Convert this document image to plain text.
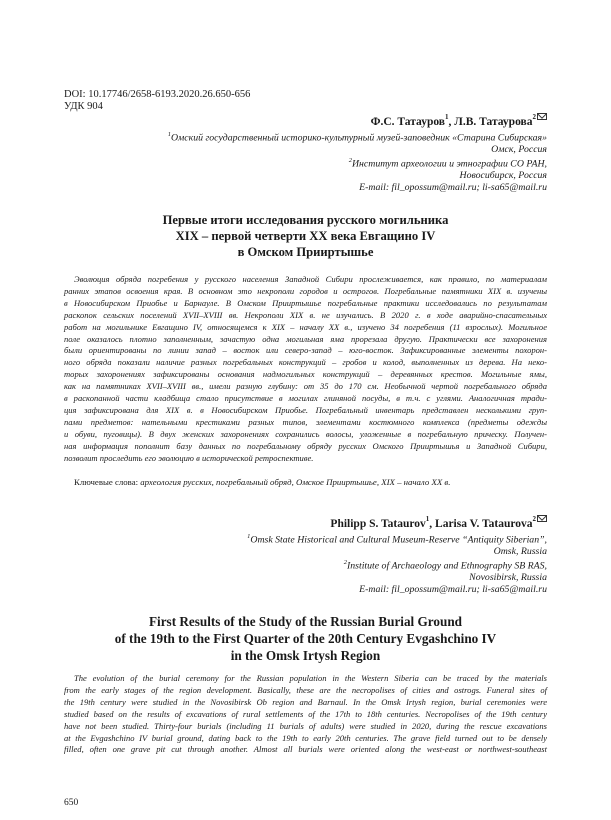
DOI: 10.17746/2658-6193.2020.26.650-656
УДК 904
Ф.С. Татауров$^1$, Л.В. Татаурова$^2$
$^1$Омский государственный историко-культурный музей-заповедник «Старина Сибирская»
Омск, Россия
$^2$Институт археологии и этнографии СО РАН,
Новосибирск, Россия
E-mail: fil_opossum@mail.ru; li-sa65@mail.ru
Первые итоги исследования русского могильника
XIX – первой четверти XX века Евгащино IV
в Омском Прииртышье
Эволюция обряда погребения у русского населения Западной Сибири прослеживается, как правило, по материалам
ранних этапов освоения края. В основном это некрополи городов и острогов. Погребальные памятники XIX в. изучены
в Новосибирском Приобье и Барнауле. В Омском Прииртышье погребальные практики исследовались по результатам
раскопок сельских поселений XVII–XVIII вв. Некрополи XIX в. не изучались. В 2020 г. в ходе аварийно-спасательных
работ на могильнике Евгащино IV, относящемся к XIX – началу XX в., изучено 34 погребения (11 взрослых). Могильное
поле оказалось плотно заполненным, зачастую одна могильная яма прорезала другую. Практически все захоронения
были ориентированы по линии запад – восток или северо-запад – юго-восток. Зафиксированные элементы похорон-
ного обряда показали наличие разных погребальных конструкций – гробов и колод, выполненных из дерева. На неко-
торых захоронениях зафиксированы основания надмогильных конструкций – деревянных крестов. Могильные ямы,
как на памятниках XVII–XVIII вв., имели разную глубину: от 35 до 170 см. Необычной чертой погребального обряда
в раскопанной части кладбища стало присутствие в могилах глиняной посуды, в т.ч. с углями. Аналогичная тради-
ция зафиксирована для XIX в. в Новосибирском Приобье. Погребальный инвентарь представлен несколькими груп-
пами предметов: нательными крестиками разных типов, элементами костюмного комплекса (предметы одежды
и обуви, пуговицы). В двух женских захоронениях сохранились волосы, уложенные в погребальную прическу. Получен-
ная информация пополнит базу данных по погребальному обряду русских Омского Прииртышья и Западной Сибири,
позволит проследить его эволюцию в исторической ретроспективе.
Ключевые слова: археология русских, погребальный обряд, Омское Прииртышье, XIX – начало XX в.
Philipp S. Tataurov$^1$, Larisa V. Tataurova$^2$
$^1$Omsk State Historical and Cultural Museum-Reserve “Antiquity Siberian”,
Omsk, Russia
$^2$Institute of Archaeology and Ethnography SB RAS,
Novosibirsk, Russia
E-mail: fil_opossum@mail.ru; li-sa65@mail.ru
First Results of the Study of the Russian Burial Ground
of the 19th to the First Quarter of the 20th Century Evgashchino IV
in the Omsk Irtysh Region
The evolution of the burial ceremony for the Russian population in the Western Siberia can be traced by the materials
from the early stages of the region development. Basically, these are the necropolises of cities and ostrogs. Funeral sites of
the 19th century were studied in the Novosibirsk Ob region and Barnaul. In the Omsk Irtysh region, burial ceremonies were
studied based on the results of excavations of rural settlements of the 17th to 18th centuries. Necropolises of the 19th century
have not been studied. Thirty-four burials (including 11 burials of adults) were studied in 2020, during the rescue excavations
at the Evgashchino IV burial ground, dating back to the 19th to early 20th centuries. The grave field turned out to be densely
filled, often one grave pit cut through another. Almost all burials were oriented along the west-east or northwest-southeast
650
